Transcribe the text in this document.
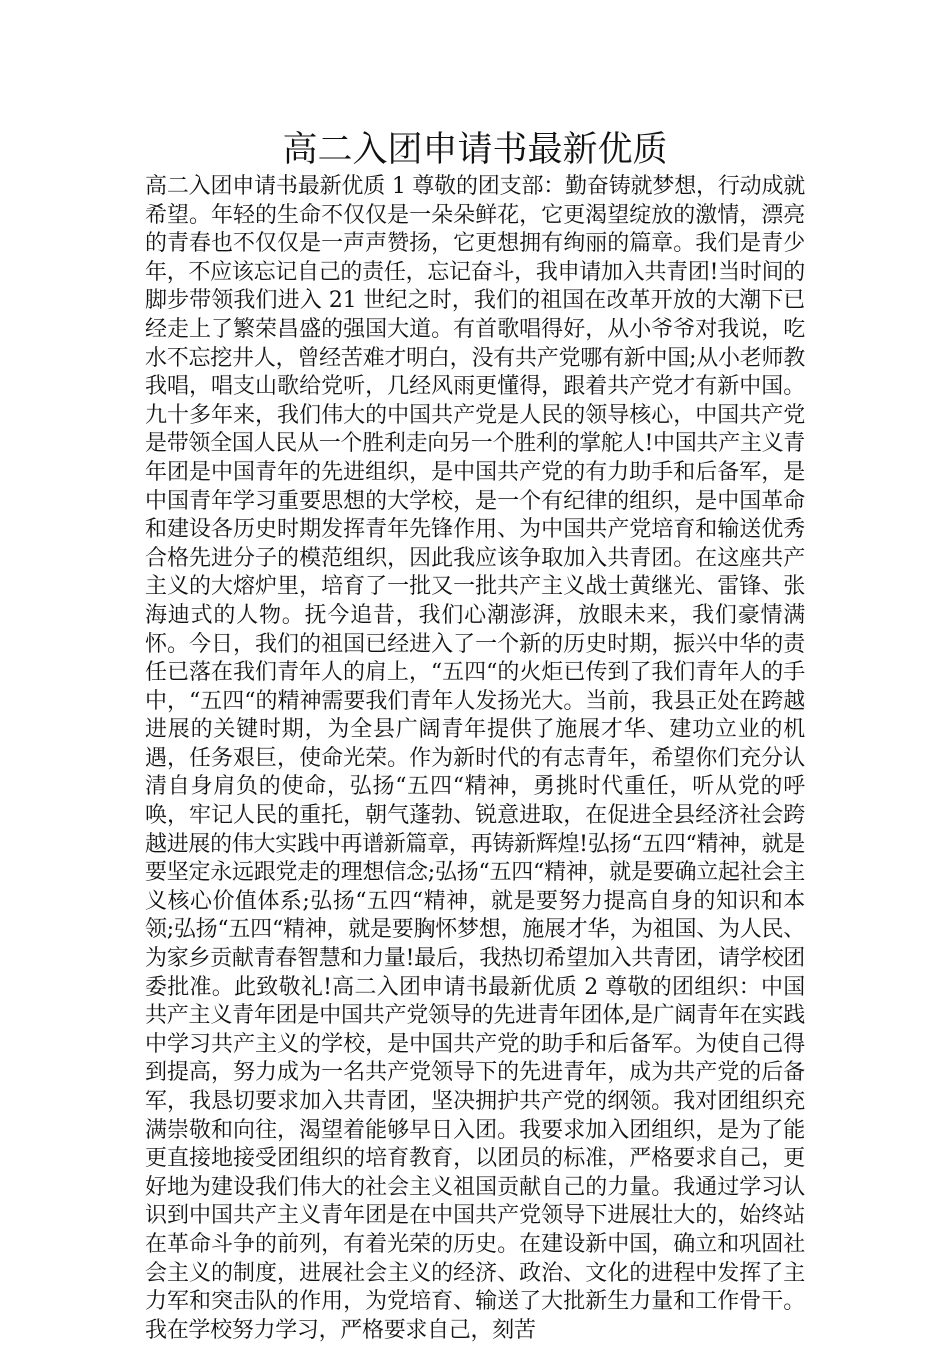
高二入团申请书最新优质

高二入团申请书最新优质 1 尊敬的团支部：勤奋铸就梦想，行动成就希望。年轻的生命不仅仅是一朵朵鲜花，它更渴望绽放的激情，漂亮的青春也不仅仅是一声声赞扬，它更想拥有绚丽的篇章。我们是青少年，不应该忘记自己的责任，忘记奋斗，我申请加入共青团!当时间的脚步带领我们进入 21 世纪之时，我们的祖国在改革开放的大潮下已经走上了繁荣昌盛的强国大道。有首歌唱得好，从小爷爷对我说，吃水不忘挖井人，曾经苦难才明白，没有共产党哪有新中国;从小老师教我唱，唱支山歌给党听，几经风雨更懂得，跟着共产党才有新中国。九十多年来，我们伟大的中国共产党是人民的领导核心，中国共产党是带领全国人民从一个胜利走向另一个胜利的掌舵人!中国共产主义青年团是中国青年的先进组织，是中国共产党的有力助手和后备军，是中国青年学习重要思想的大学校，是一个有纪律的组织，是中国革命和建设各历史时期发挥青年先锋作用、为中国共产党培育和输送优秀合格先进分子的模范组织，因此我应该争取加入共青团。在这座共产主义的大熔炉里，培育了一批又一批共产主义战士黄继光、雷锋、张海迪式的人物。抚今追昔，我们心潮澎湃，放眼未来，我们豪情满怀。今日，我们的祖国已经进入了一个新的历史时期，振兴中华的责任已落在我们青年人的肩上，“五四“的火炬已传到了我们青年人的手中，“五四“的精神需要我们青年人发扬光大。当前，我县正处在跨越进展的关键时期，为全县广阔青年提供了施展才华、建功立业的机遇，任务艰巨，使命光荣。作为新时代的有志青年，希望你们充分认清自身肩负的使命，弘扬“五四“精神，勇挑时代重任，听从党的呼唤，牢记人民的重托，朝气蓬勃、锐意进取，在促进全县经济社会跨越进展的伟大实践中再谱新篇章，再铸新辉煌!弘扬“五四“精神，就是要坚定永远跟党走的理想信念;弘扬“五四“精神，就是要确立起社会主义核心价值体系;弘扬“五四“精神，就是要努力提高自身的知识和本领;弘扬“五四“精神，就是要胸怀梦想，施展才华，为祖国、为人民、为家乡贡献青春智慧和力量!最后，我热切希望加入共青团，请学校团委批准。此致敬礼!高二入团申请书最新优质 2 尊敬的团组织：中国共产主义青年团是中国共产党领导的先进青年团体,是广阔青年在实践中学习共产主义的学校，是中国共产党的助手和后备军。为使自己得到提高，努力成为一名共产党领导下的先进青年，成为共产党的后备军，我恳切要求加入共青团，坚决拥护共产党的纲领。我对团组织充满崇敬和向往，渴望着能够早日入团。我要求加入团组织，是为了能更直接地接受团组织的培育教育，以团员的标准，严格要求自己，更好地为建设我们伟大的社会主义祖国贡献自己的力量。我通过学习认识到中国共产主义青年团是在中国共产党领导下进展壮大的，始终站在革命斗争的前列，有着光荣的历史。在建设新中国，确立和巩固社会主义的制度，进展社会主义的经济、政治、文化的进程中发挥了主力军和突击队的作用，为党培育、输送了大批新生力量和工作骨干。我在学校努力学习，严格要求自己，刻苦
